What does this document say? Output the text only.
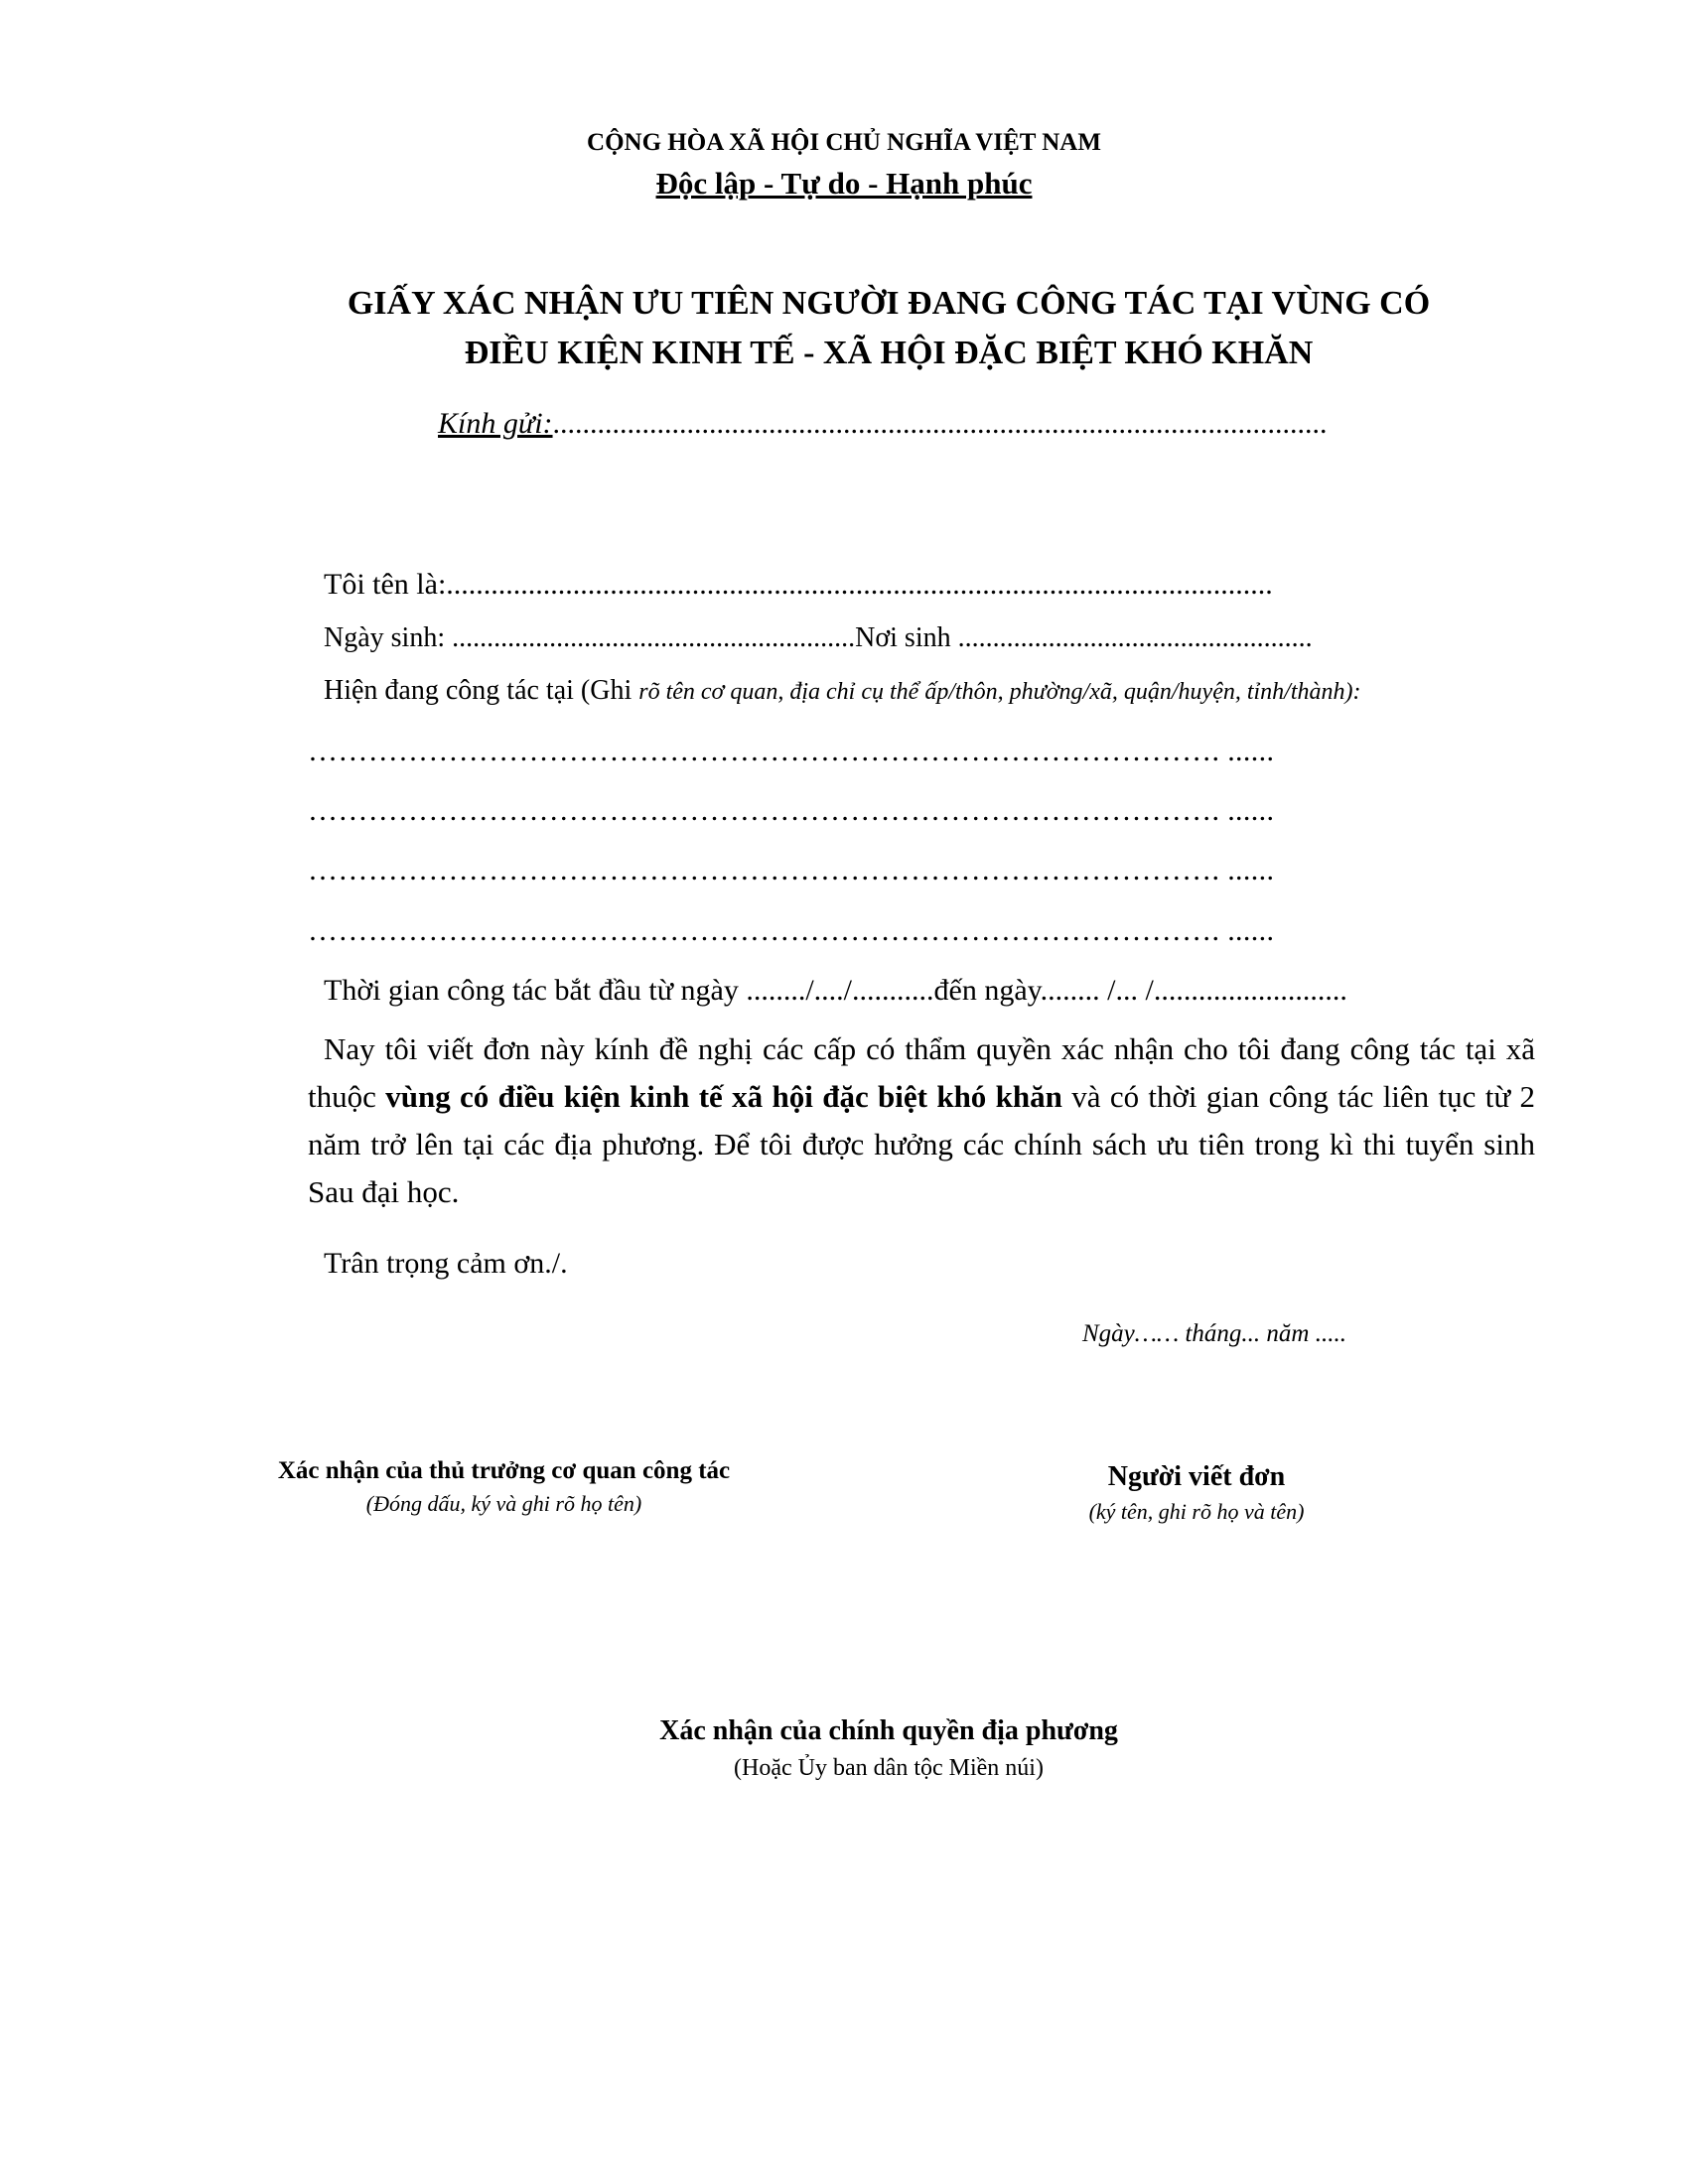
CỘNG HÒA XÃ HỘI CHỦ NGHĨA VIỆT NAM
Độc lập - Tự do - Hạnh phúc
GIẤY XÁC NHẬN ƯU TIÊN NGƯỜI ĐANG CÔNG TÁC TẠI VÙNG CÓ
ĐIỀU KIỆN KINH TẾ - XÃ HỘI ĐẶC BIỆT KHÓ KHĂN
Kính gửi:........................................................................................................
Tôi tên là:...............................................................................................................
Ngày sinh: ..........................................................Nơi sinh ...................................................
Hiện đang công tác tại (Ghi rõ tên cơ quan, địa chỉ cụ thể ấp/thôn, phường/xã, quận/huyện, tỉnh/thành):
………………………………………………………………………………. ......
………………………………………………………………………………. ......
………………………………………………………………………………. ......
………………………………………………………………………………. ......
Thời gian công tác bắt đầu từ ngày ......../..../...........đến ngày........ /... /..........................
Nay tôi viết đơn này kính đề nghị các cấp có thẩm quyền xác nhận cho tôi đang công tác tại xã thuộc vùng có điều kiện kinh tế xã hội đặc biệt khó khăn và có thời gian công tác liên tục từ 2 năm trở lên tại các địa phương. Để tôi được hưởng các chính sách ưu tiên trong kì thi tuyển sinh Sau đại học.
Trân trọng cảm ơn./.
Ngày…… tháng... năm .....
Xác nhận của thủ trưởng cơ quan công tác
(Đóng dấu, ký và ghi rõ họ tên)
Người viết đơn
(ký tên, ghi rõ họ và tên)
Xác nhận của chính quyền địa phương
(Hoặc Ủy ban dân tộc Miền núi)
